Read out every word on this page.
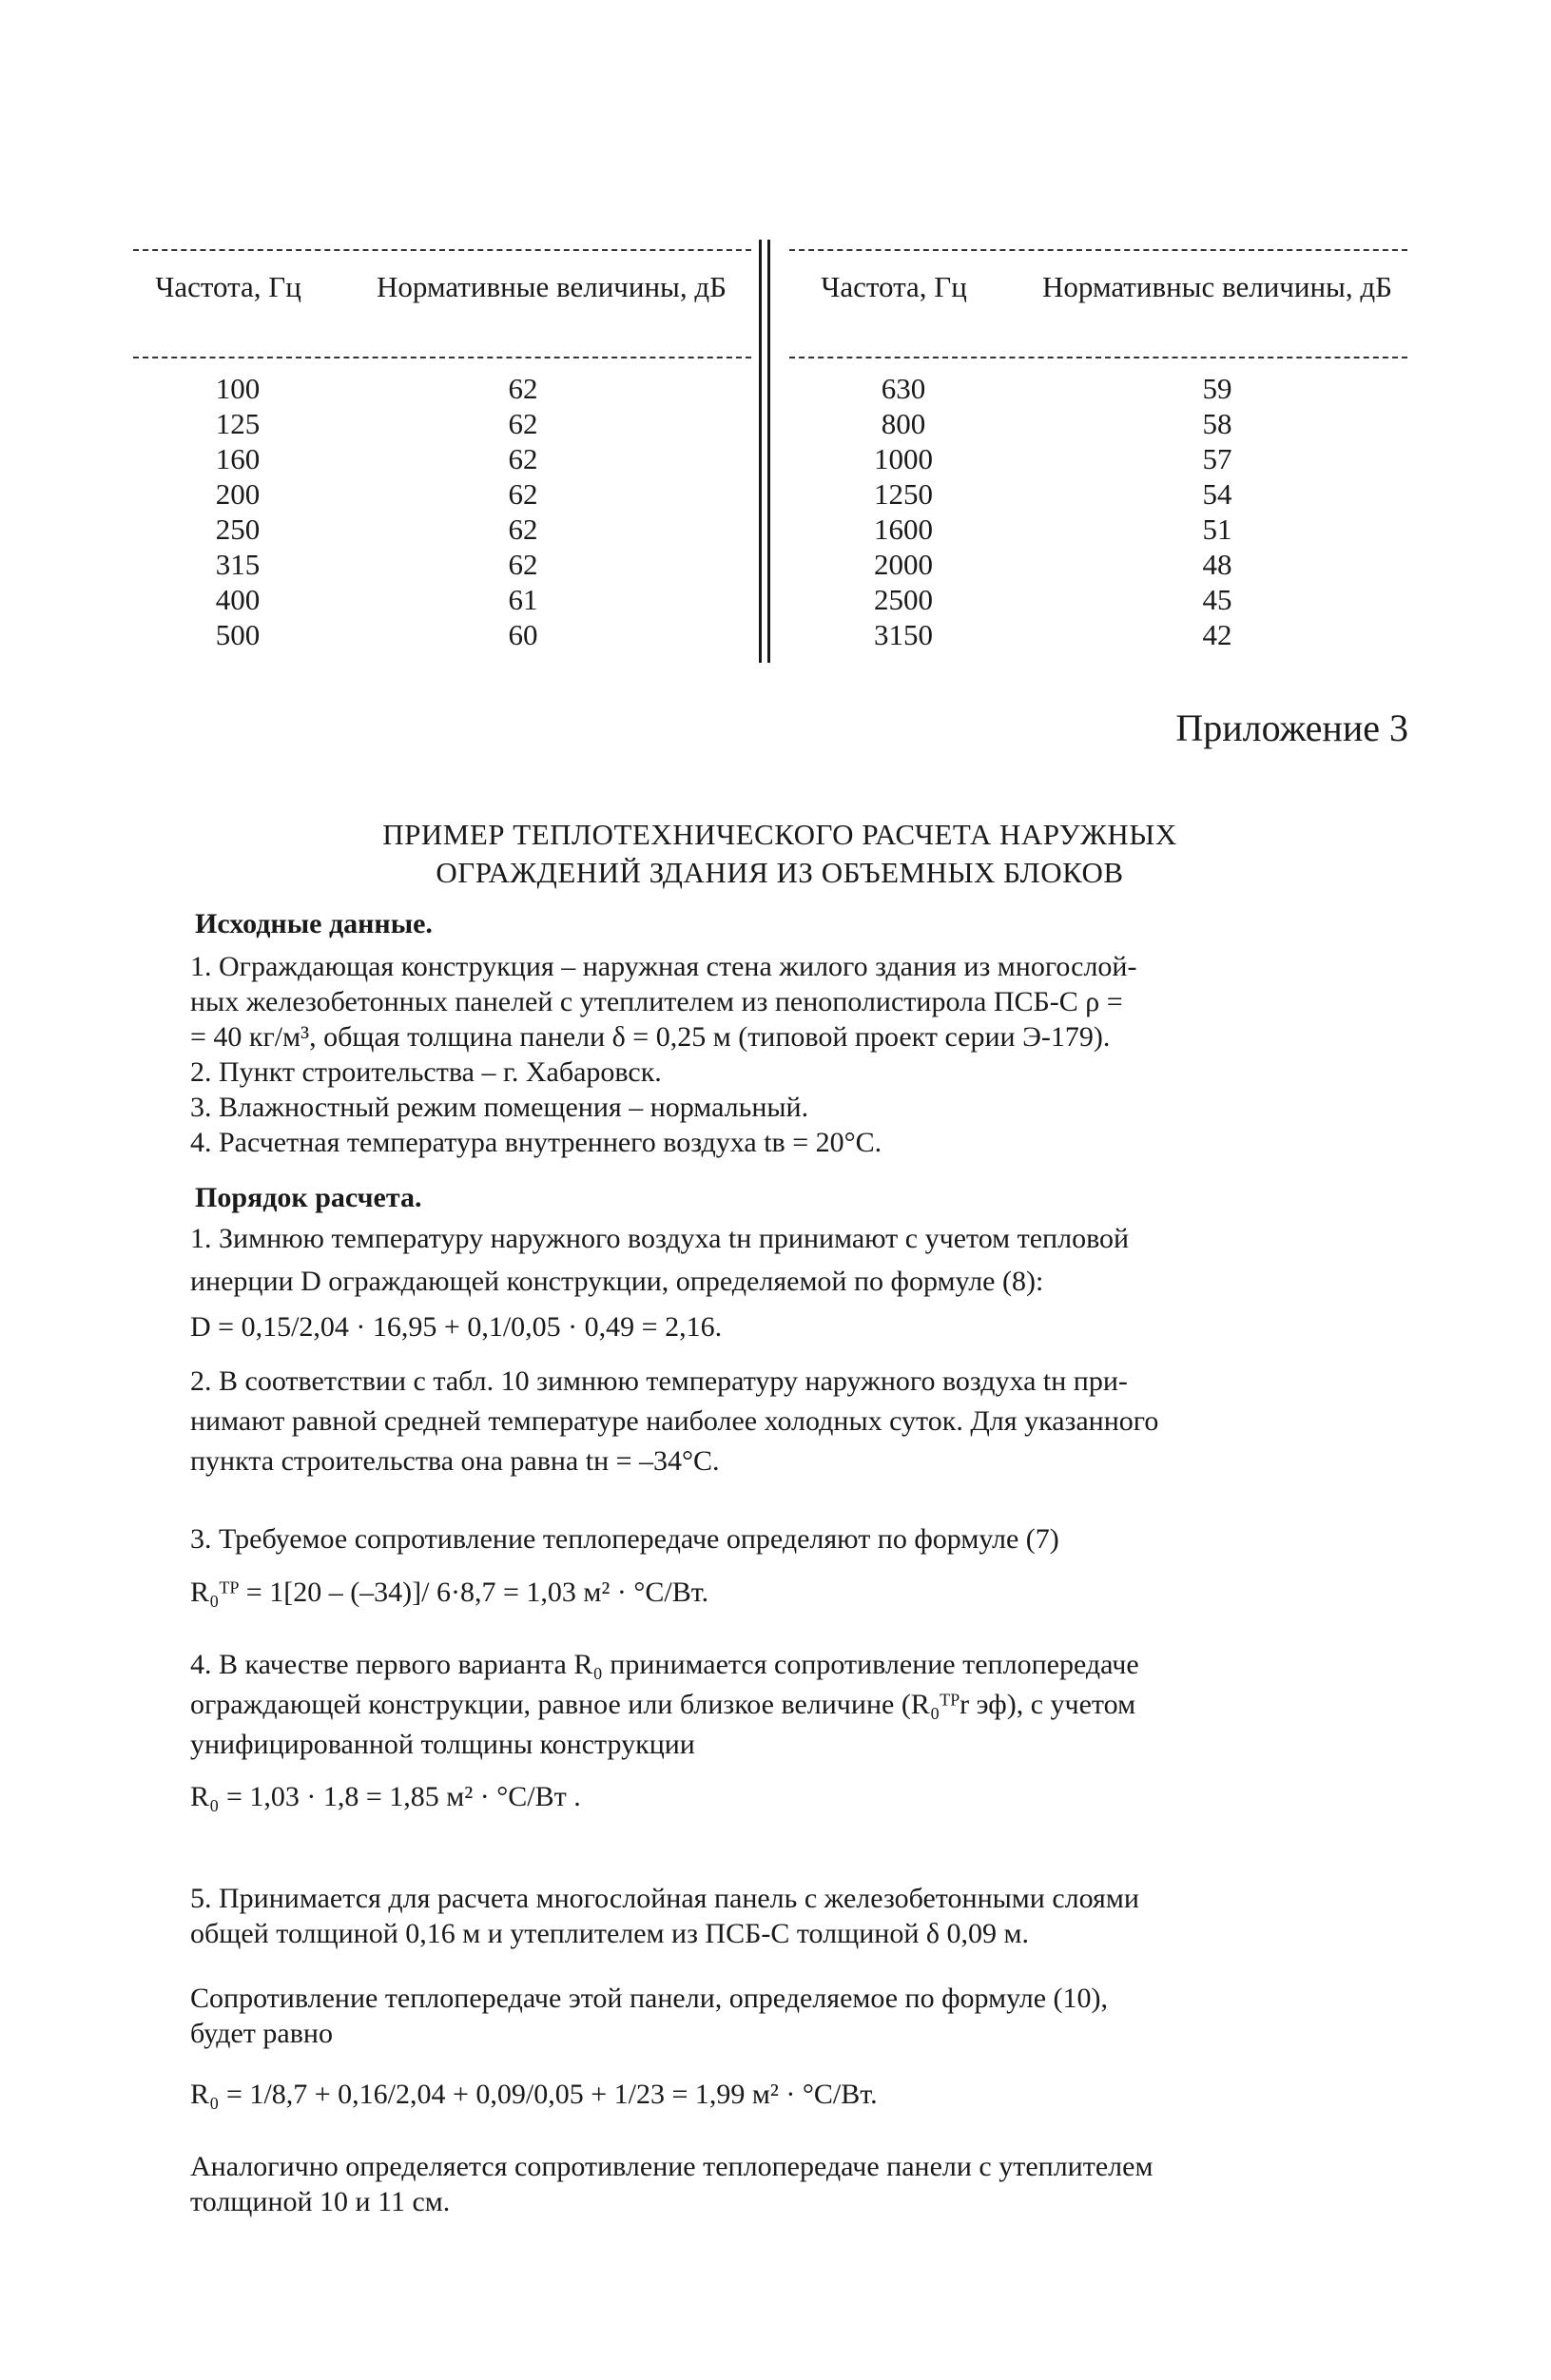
Частота, Гц	Нормативные величины, дБ
100
125
160
200
250
315
400
500
62
62
62
62
62
62
61
60
Частота, Гц	Нормативныс величины, дБ
630
800
1000
1250
1600
2000
2500
3150
59
58
57
54
51
48
45
42
Приложение 3
ПРИМЕР ТЕПЛОТЕХНИЧЕСКОГО РАСЧЕТА НАРУЖНЫХ
ОГРАЖДЕНИЙ ЗДАНИЯ ИЗ ОБЪЕМНЫХ БЛОКОВ
Исходные данные.
1. Ограждающая конструкция – наружная стена жилого здания из многослой-
ных железобетонных панелей с утеплителем из пенополистирола ПСБ-С ρ =
= 40 кг/м³, общая толщина панели δ = 0,25 м (типовой проект серии Э-179).
2. Пункт строительства – г. Хабаровск.
3. Влажностный режим помещения – нормальный.
4. Расчетная температура внутреннего воздуха tв = 20°С.
Порядок расчета.
1. Зимнюю температуру наружного воздуха tн принимают с учетом тепловой
инерции D ограждающей конструкции, определяемой по формуле (8):
D = 0,15/2,04 · 16,95 + 0,1/0,05 · 0,49 = 2,16.
2. В соответствии с табл. 10 зимнюю температуру наружного воздуха tн при-
нимают равной средней температуре наиболее холодных суток. Для указанного
пункта строительства она равна tн = –34°С.
3. Требуемое сопротивление теплопередаче определяют по формуле (7)
R₀ᵀᴾ = 1[20 – (–34)]/ 6·8,7 = 1,03 м² · °С/Вт.
4. В качестве первого варианта R₀ принимается сопротивление теплопередаче
ограждающей конструкции, равное или близкое величине (R₀ᵀᴾr эф), с учетом
унифицированной толщины конструкции
R₀ = 1,03 · 1,8 = 1,85 м² · °С/Вт .
5. Принимается для расчета многослойная панель с железобетонными слоями
общей толщиной 0,16 м и утеплителем из ПСБ-С толщиной δ 0,09 м.
Сопротивление теплопередаче этой панели, определяемое по формуле (10),
будет равно
R₀ = 1/8,7 + 0,16/2,04 + 0,09/0,05 + 1/23 = 1,99 м² · °С/Вт.
Аналогично определяется сопротивление теплопередаче панели с утеплителем
толщиной 10 и 11 см.
